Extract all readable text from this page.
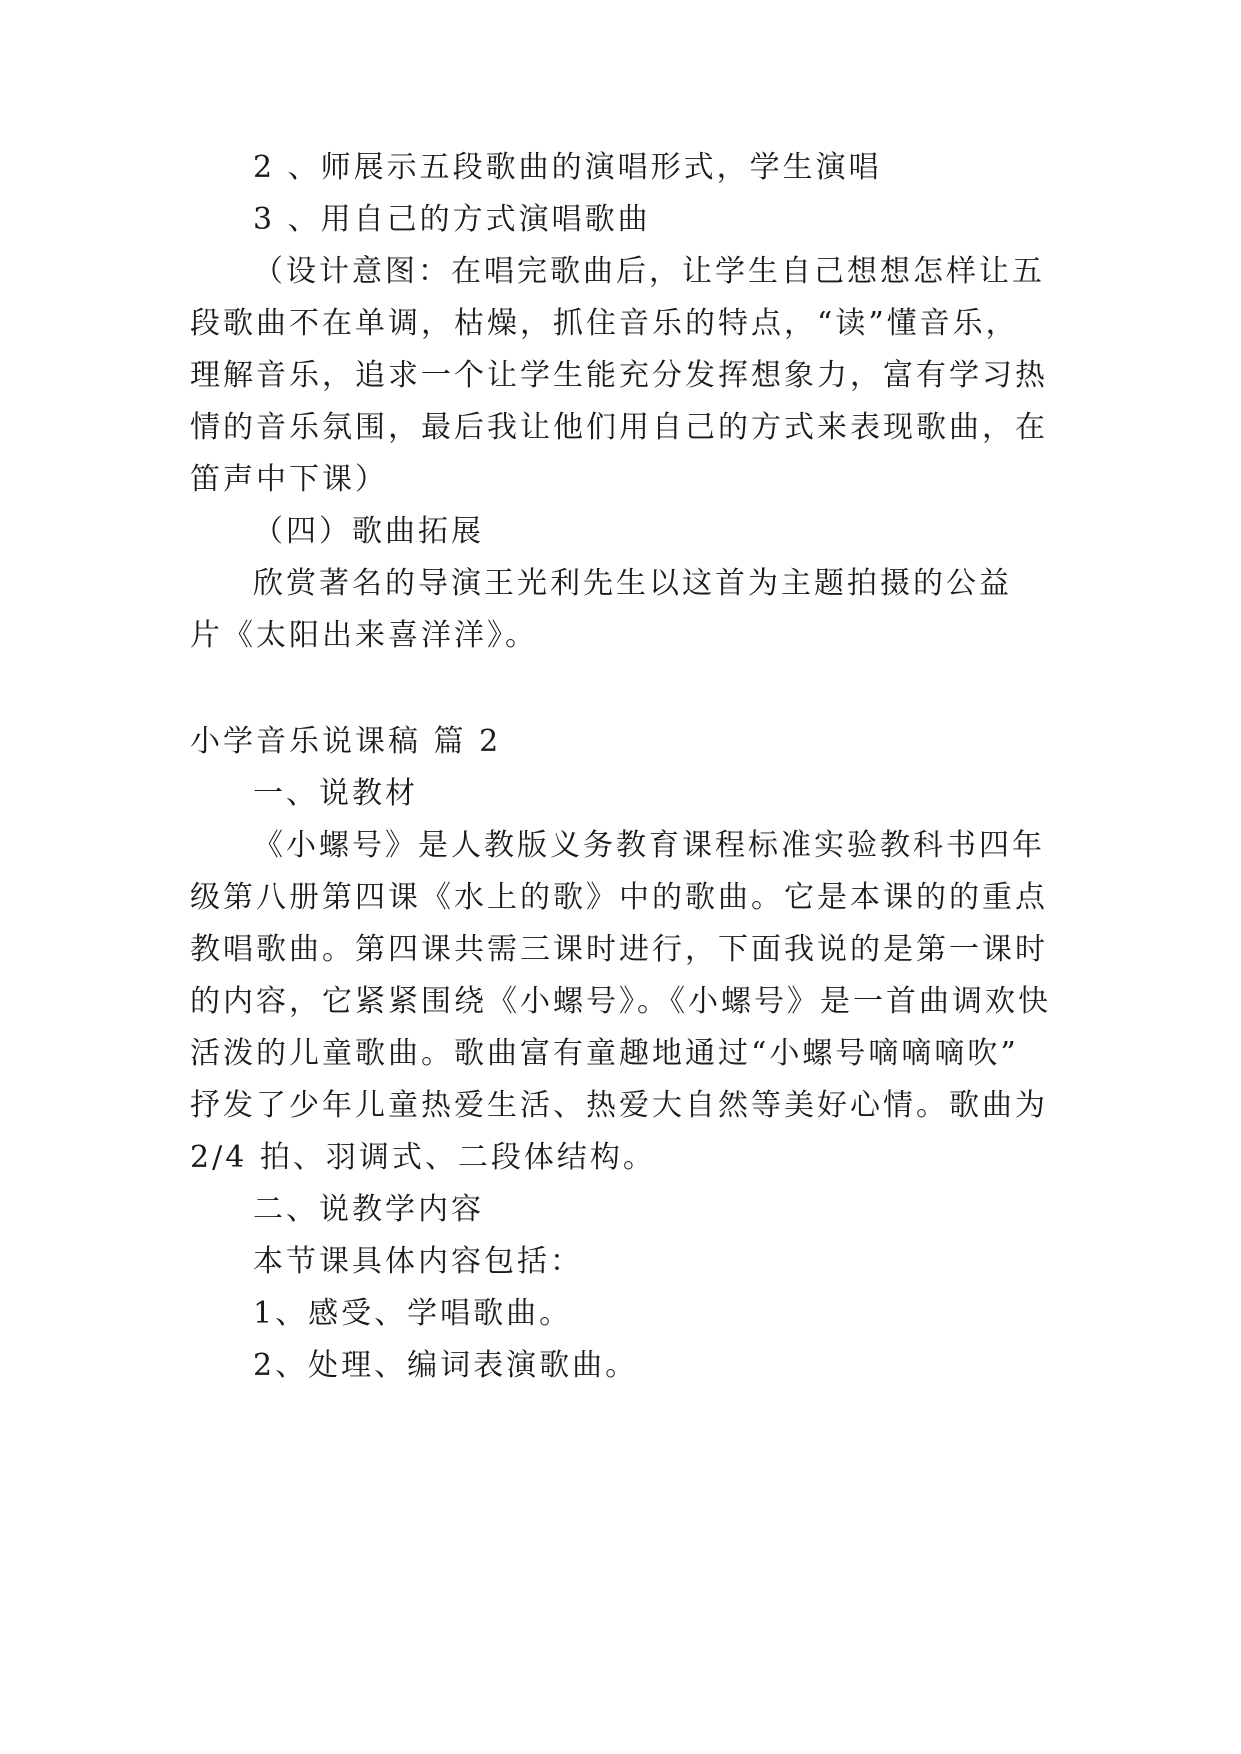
2 、师展示五段歌曲的演唱形式，学生演唱
3 、用自己的方式演唱歌曲
（设计意图：在唱完歌曲后，让学生自己想想怎样让五
段歌曲不在单调，枯燥，抓住音乐的特点，“读”懂音乐，
理解音乐，追求一个让学生能充分发挥想象力，富有学习热
情的音乐氛围，最后我让他们用自己的方式来表现歌曲，在
笛声中下课）
（四）歌曲拓展
欣赏著名的导演王光利先生以这首为主题拍摄的公益
片《太阳出来喜洋洋》。
小学音乐说课稿 篇 2
一、说教材
《小螺号》是人教版义务教育课程标准实验教科书四年
级第八册第四课《水上的歌》中的歌曲。它是本课的的重点
教唱歌曲。第四课共需三课时进行，下面我说的是第一课时
的内容，它紧紧围绕《小螺号》。《小螺号》是一首曲调欢快
活泼的儿童歌曲。歌曲富有童趣地通过“小螺号嘀嘀嘀吹”
抒发了少年儿童热爱生活、热爱大自然等美好心情。歌曲为
2/4 拍、羽调式、二段体结构。
二、说教学内容
本节课具体内容包括：
1、感受、学唱歌曲。
2、处理、编词表演歌曲。
